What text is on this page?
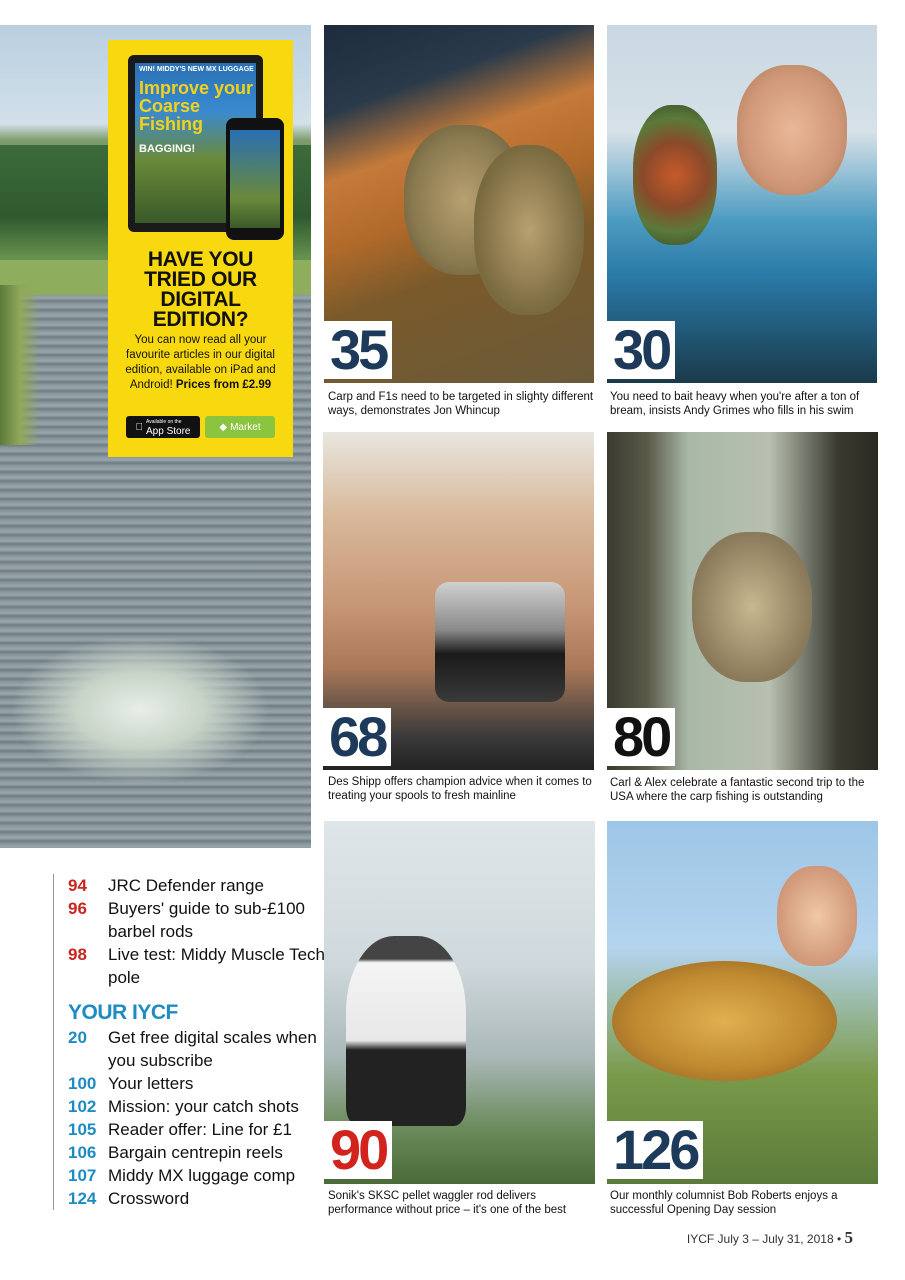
WIN! MIDDY'S NEW MX LUGGAGE
Improve your Coarse Fishing
BAGGING!
HAVE YOU
TRIED OUR
DIGITAL
EDITION?

You can now read all your favourite articles in our digital edition, available on iPad and Android! Prices from £2.99

Available on the
App Store	◆ Market
35
Carp and F1s need to be targeted in slighty different ways, demonstrates Jon Whincup
30
You need to bait heavy when you're after a ton of bream, insists Andy Grimes who fills in his swim
68
Des Shipp offers champion advice when it comes to treating your spools to fresh mainline
80
Carl & Alex celebrate a fantastic second trip to the USA where the carp fishing is outstanding
90
Sonik's SKSC pellet waggler rod delivers performance without price – it's one of the best
126
Our monthly columnist Bob Roberts enjoys a successful Opening Day session
94	JRC Defender range
96	Buyers' guide to sub-£100 barbel rods
98	Live test: Middy Muscle Tech pole
YOUR IYCF
20	Get free digital scales when you subscribe
100 Your letters
102 Mission: your catch shots
105 Reader offer: Line for £1
106 Bargain centrepin reels
107 Middy MX luggage comp
124 Crossword
IYCF July 3 – July 31, 2018 • 5
